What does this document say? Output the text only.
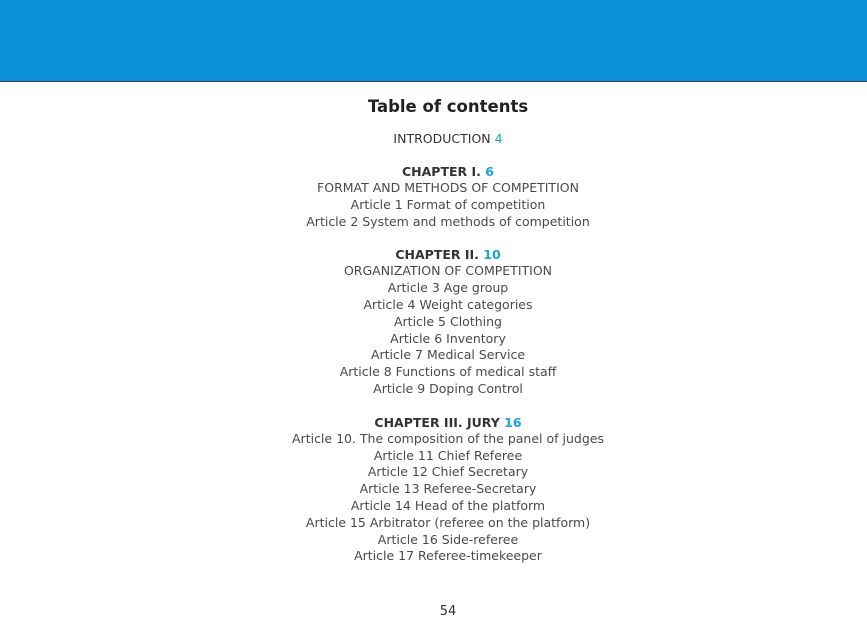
Table of contents
INTRODUCTION 4
CHAPTER I. 6
FORMAT AND METHODS OF COMPETITION
Article 1 Format of competition
Article 2 System and methods of competition
CHAPTER II. 10
ORGANIZATION OF COMPETITION
Article 3 Age group
Article 4 Weight categories
Article 5 Clothing
Article 6 Inventory
Article 7 Medical Service
Article 8 Functions of medical staff
Article 9 Doping Control
CHAPTER III. JURY 16
Article 10. The composition of the panel of judges
Article 11 Chief Referee
Article 12 Chief Secretary
Article 13 Referee-Secretary
Article 14 Head of the platform
Article 15 Arbitrator (referee on the platform)
Article 16 Side-referee
Article 17 Referee-timekeeper
54
